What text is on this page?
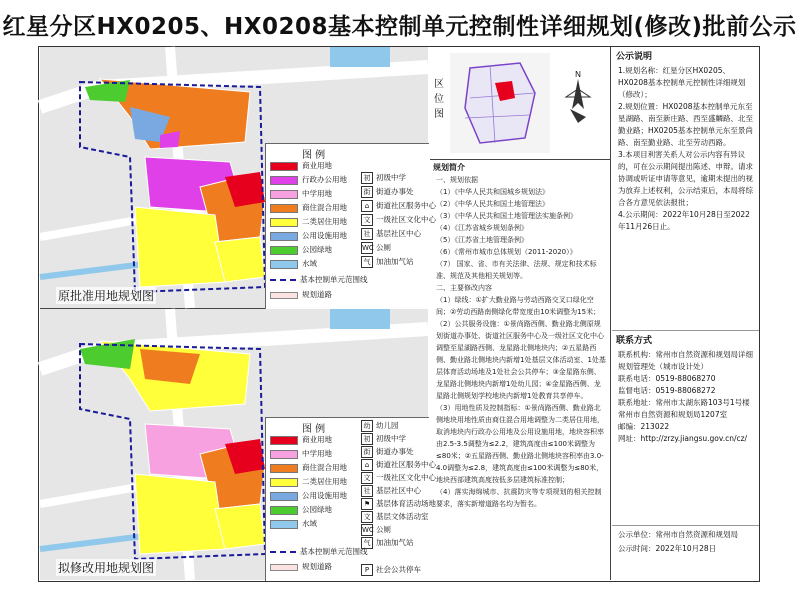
红星分区HX0205、HX0208基本控制单元控制性详细规划(修改)批前公示
图 例
商业用地
行政办公用地
中学用地
商住混合用地
二类居住用地
公用设施用地
公园绿地
水域
基本控制单元范围线
规划道路
初 初级中学
街 街道办事处
⌂ 街道社区服务中心
文 一级社区文化中心
社 基层社区中心
WC 公厕
气 加油加气站
原批准用地规划图
图 例
商业用地
中学用地
商住混合用地
二类居住用地
公用设施用地
公园绿地
水域
基本控制单元范围线
规划道路
幼 幼儿园
初 初级中学
街 街道办事处
⌂ 街道社区服务中心
文 一级社区文化中心
社 基层社区中心
⚑ 基层体育活动场地
文 基层文体活动室
WC 公厕
气 加油加气站
P 社会公共停车
拟修改用地规划图
区位图
N
规划简介
一、规划依据
（1）《中华人民共和国城乡规划法》
（2）《中华人民共和国土地管理法》
（3）《中华人民共和国土地管理法实施条例》
（4）《江苏省城乡规划条例》
（5）《江苏省土地管理条例》
（6）《常州市城市总体规划（2011-2020）》
（7） 国家、省、市有关法律、法规、规定和技术标准、规范及其他相关规划等。
二、主要修改内容
（1）绿线：①扩大勤业路与劳动西路交叉口绿化空间；②劳动西路南侧绿化带宽度由10米调整为15米；
（2）公共服务设施：①景尚路西侧、勤业路北侧原规划街道办事处、街道社区服务中心及一级社区文化中心调整至星湖路西侧、龙星路北侧地块内；②五星路西侧、勤业路北侧地块内新增1处基层文体活动室、1处基层体育活动场地及1处社会公共停车；③金星路东侧、龙星路北侧地块内新增1处幼儿园；④金星路西侧、龙星路北侧规划学校地块内新增1处教育共享停车。
（3）用地性质及控制指标：①景尚路西侧、勤业路北侧地块用地性质由商住混合用地调整为二类居住用地，取消地块内行政办公用地及公用设施用地，地块容积率由2.5-3.5调整为≤2.2，建筑高度由≤100米调整为≤80米；②五星路西侧、勤业路北侧地块容积率由3.0-4.0调整为≤2.8，建筑高度由≤100米调整为≤80米，地块西部建筑高度按低多层建筑标准控制；
（4）落实海绵城市、抗震防灾等专项规划的相关控制要求，落实新增道路名均为暂名。
公示说明
1.规划名称：红星分区HX0205、HX0208基本控制单元控制性详细规划（修改）；
2.规划位置：HX0208基本控制单元东至星湖路、南至新庄路、西至盛麟路、北至勤业路；HX0205基本控制单元东至景尚路、南至勤业路、北至劳动西路。
3.本项目利害关系人对公示内容有异议的，可在公示期间提出陈述、申辩。请求协调或听证申请等意见，逾期未提出的视为放弃上述权利，公示结束后，本局将综合各方意见依法报批；
4.公示期间：2022年10月28日至2022年11月26日止。
联系方式
联系机构：常州市自然资源和规划局详细规划管理处（城市设计处）
联系电话：0519-88068270
监督电话：0519-88068272
联系地址：常州市太湖东路103号1号楼 常州市自然资源和规划局1207室
邮编：213022
网址：http://zrzy.jiangsu.gov.cn/cz/
公示单位：常州市自然资源和规划局
公示时间：2022年10月28日
